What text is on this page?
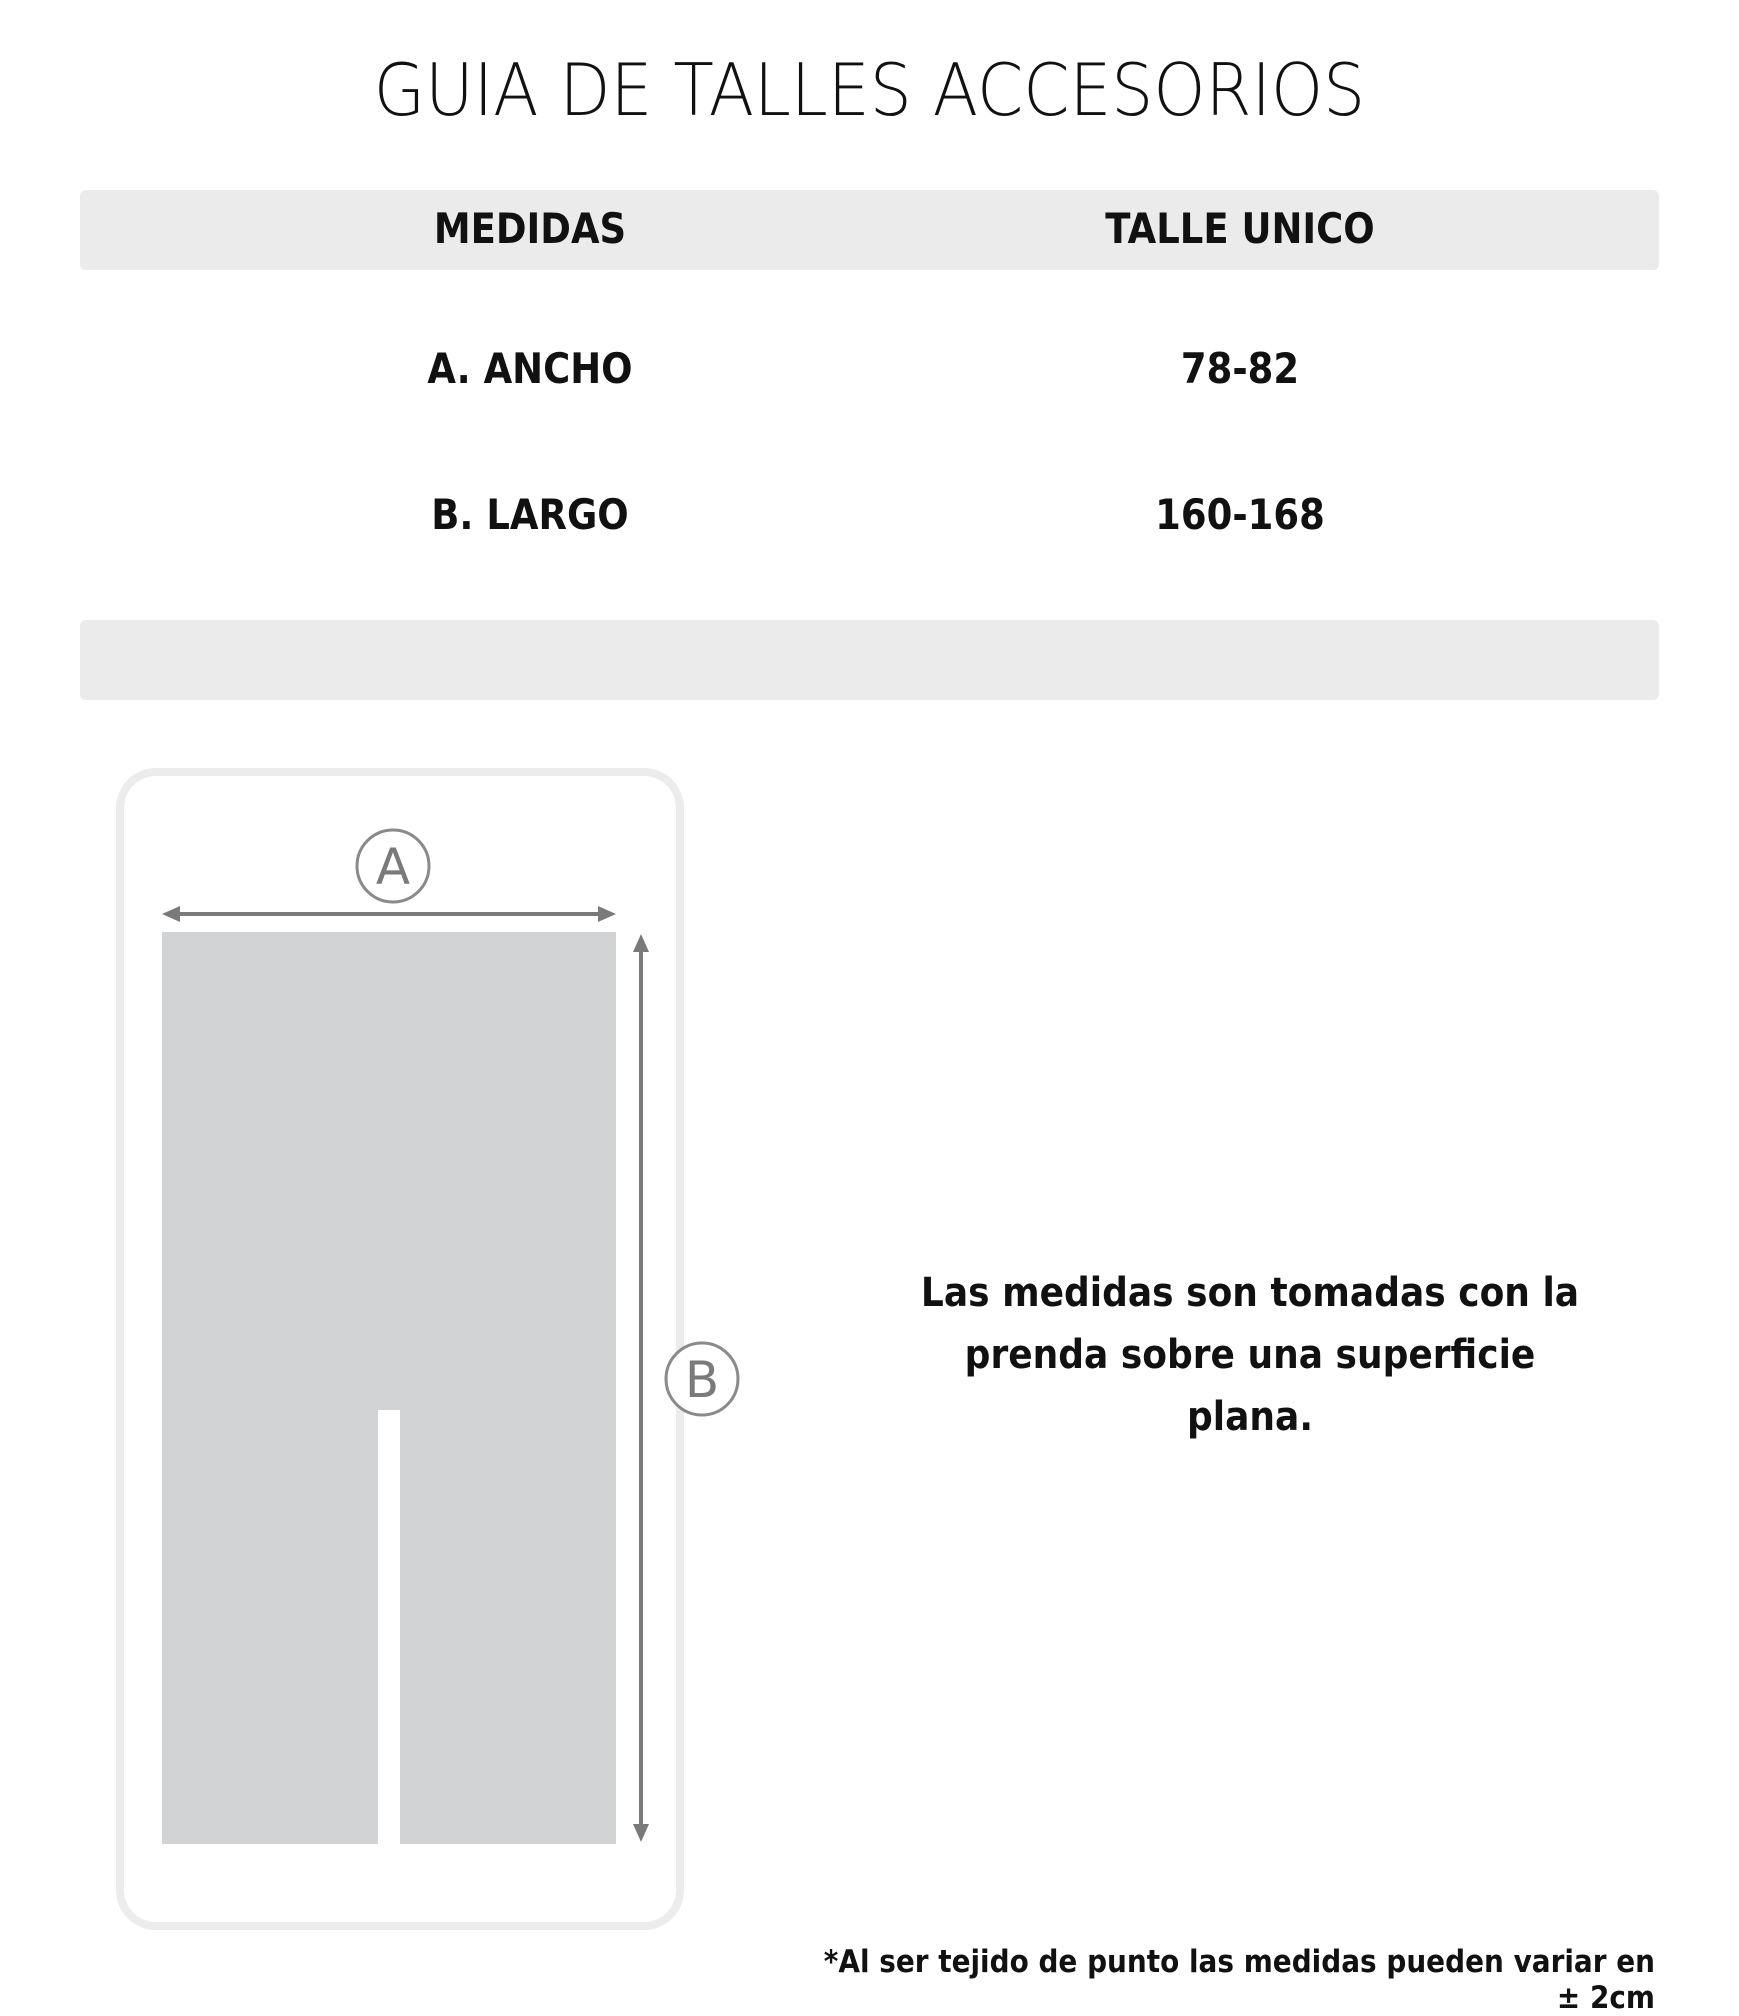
GUIA DE TALLES ACCESORIOS
MEDIDAS	TALLE UNICO
A. ANCHO	78-82
B. LARGO	160-168
A
B
Las medidas son tomadas con la prenda sobre una superficie plana.
*Al ser tejido de punto las medidas pueden variar en ± 2cm
